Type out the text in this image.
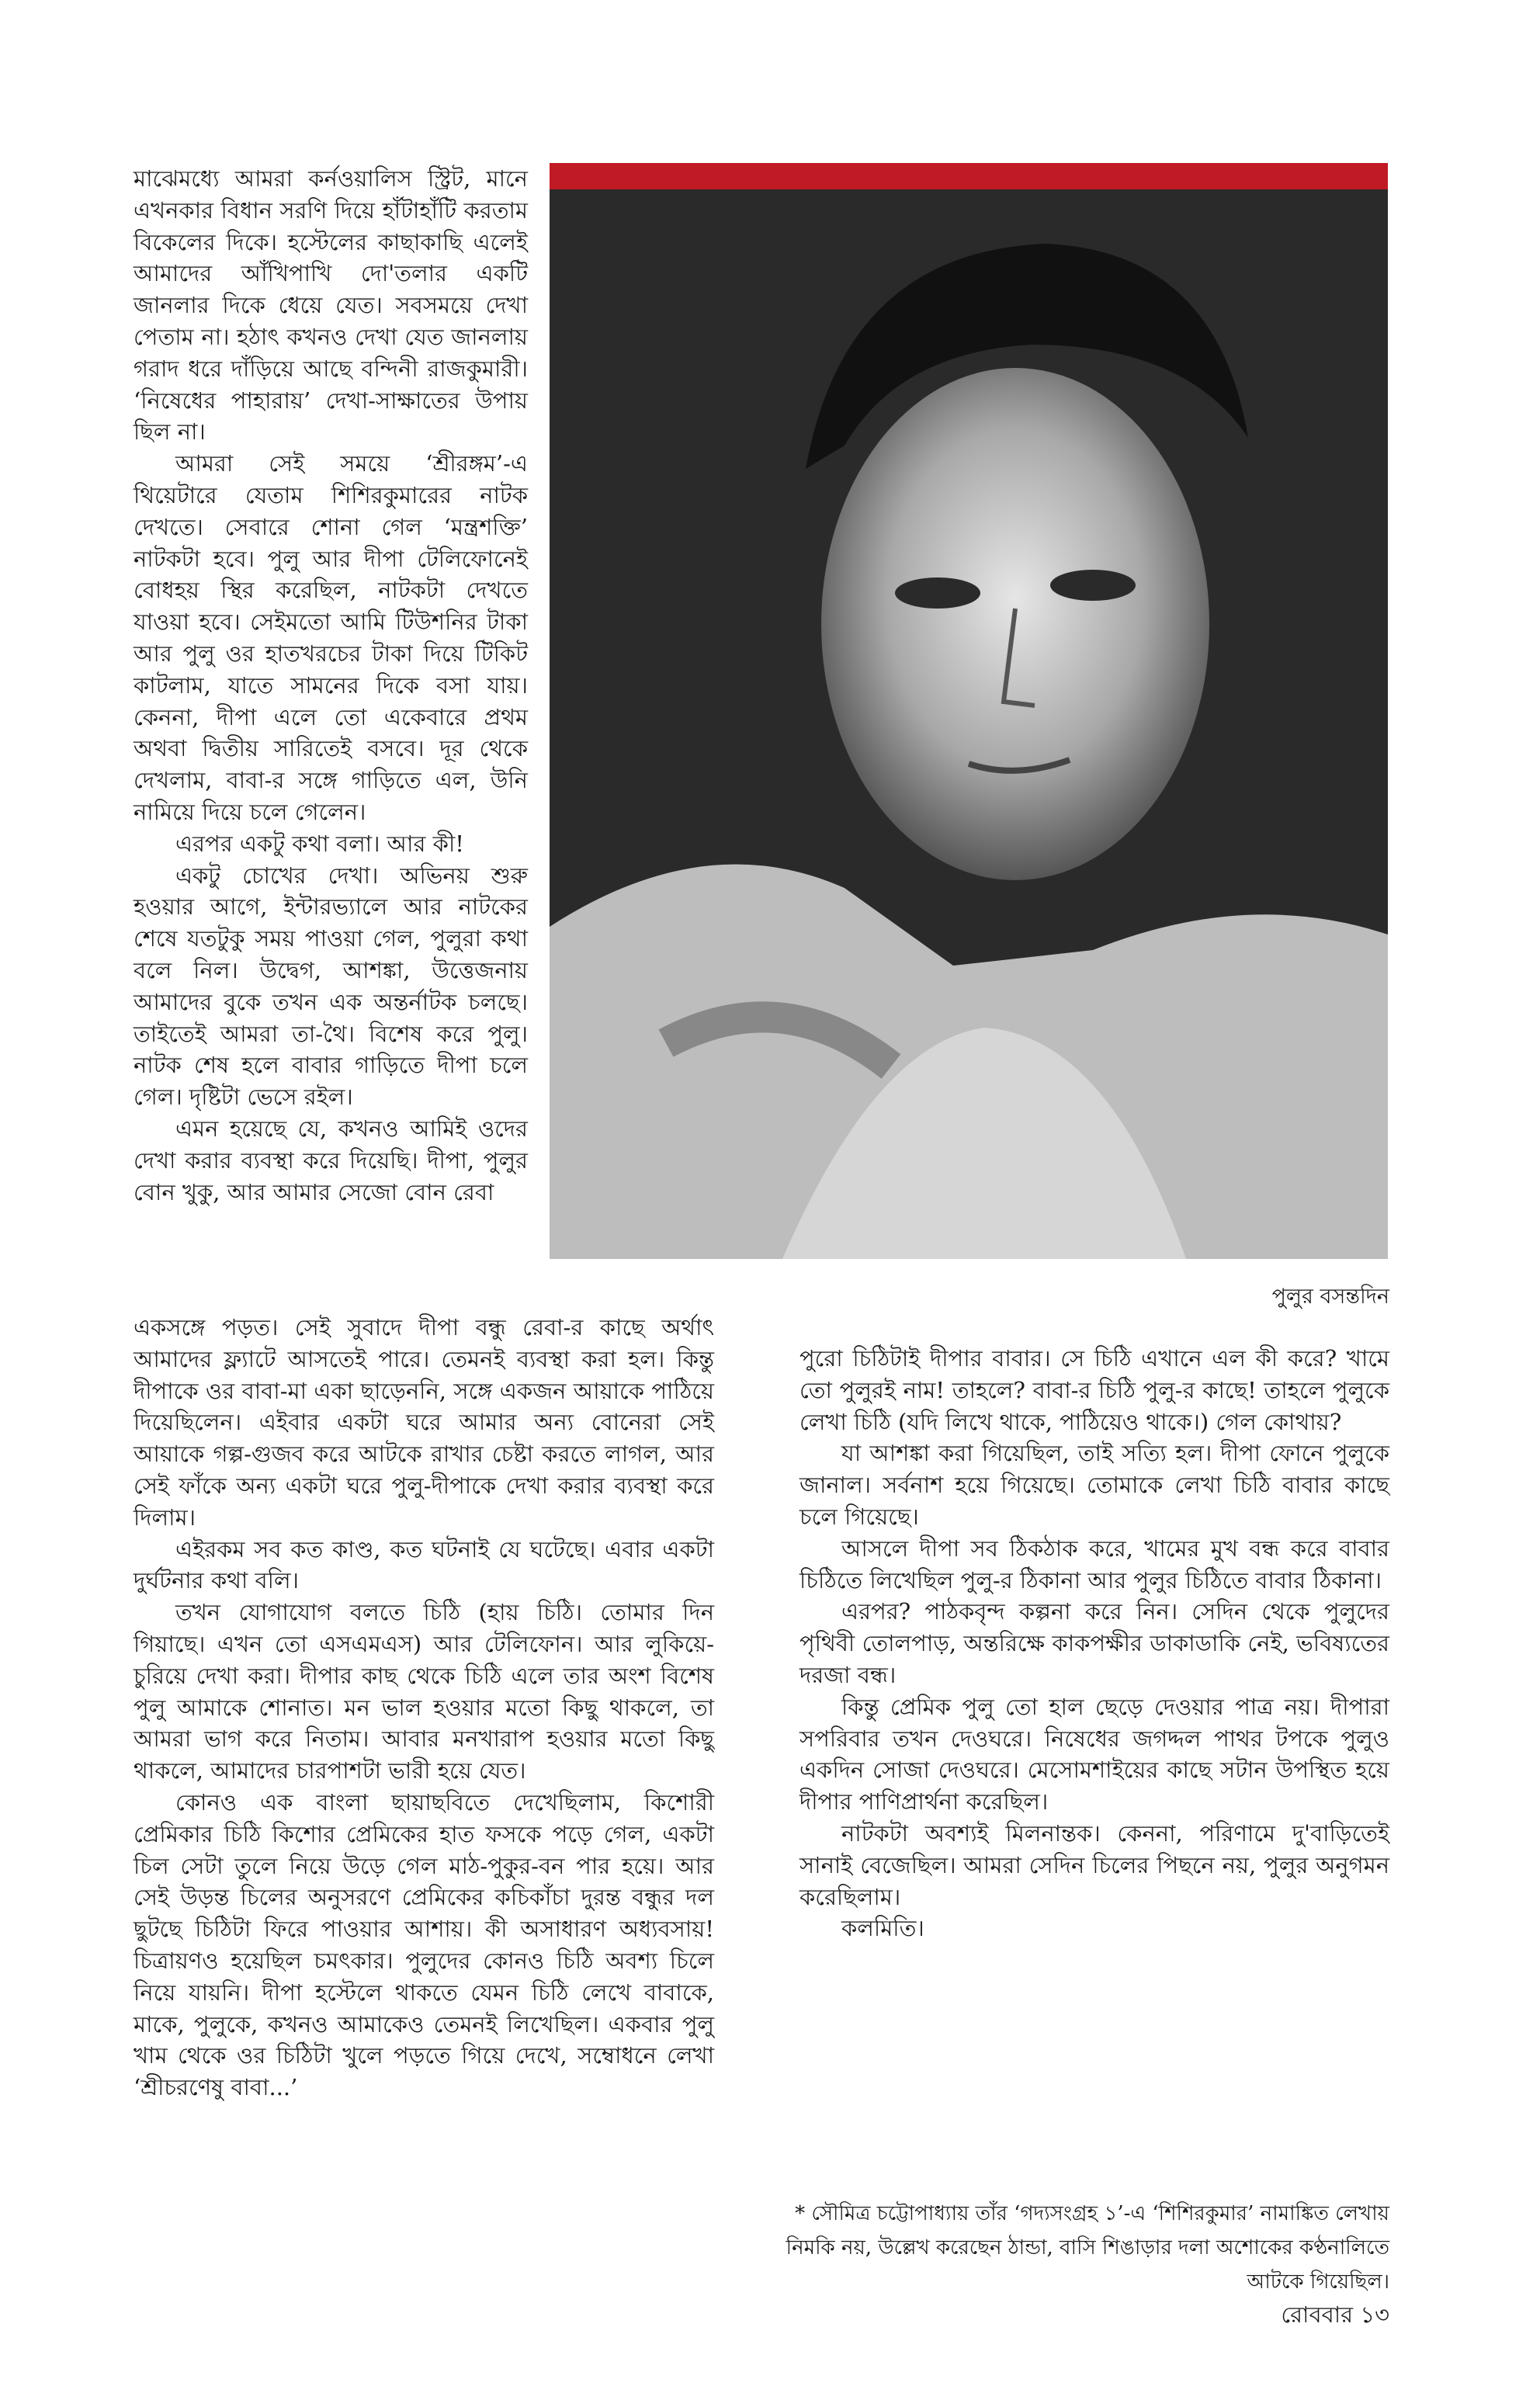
মাঝেমধ্যে আমরা কর্নওয়ালিস স্ট্রিট, মানে এখনকার বিধান সরণি দিয়ে হাঁটাহাঁটি করতাম বিকেলের দিকে। হস্টেলের কাছাকাছি এলেই আমাদের আঁখিপাখি দো'তলার একটি জানলার দিকে ধেয়ে যেত। সবসময়ে দেখা পেতাম না। হঠাৎ কখনও দেখা যেত জানলায় গরাদ ধরে দাঁড়িয়ে আছে বন্দিনী রাজকুমারী। ‘নিষেধের পাহারায়’ দেখা-সাক্ষাতের উপায় ছিল না।

আমরা সেই সময়ে ‘শ্রীরঙ্গম’-এ থিয়েটারে যেতাম শিশিরকুমারের নাটক দেখতে। সেবারে শোনা গেল ‘মন্ত্রশক্তি’ নাটকটা হবে। পুলু আর দীপা টেলিফোনেই বোধহয় স্থির করেছিল, নাটকটা দেখতে যাওয়া হবে। সেইমতো আমি টিউশনির টাকা আর পুলু ওর হাতখরচের টাকা দিয়ে টিকিট কাটলাম, যাতে সামনের দিকে বসা যায়। কেননা, দীপা এলে তো একেবারে প্রথম অথবা দ্বিতীয় সারিতেই বসবে। দূর থেকে দেখলাম, বাবা-র সঙ্গে গাড়িতে এল, উনি নামিয়ে দিয়ে চলে গেলেন।

এরপর একটু কথা বলা। আর কী!

একটু চোখের দেখা। অভিনয় শুরু হওয়ার আগে, ইন্টারভ্যালে আর নাটকের শেষে যতটুকু সময় পাওয়া গেল, পুলুরা কথা বলে নিল। উদ্বেগ, আশঙ্কা, উত্তেজনায় আমাদের বুকে তখন এক অন্তর্নাটক চলছে। তাইতেই আমরা তা-থৈ। বিশেষ করে পুলু। নাটক শেষ হলে বাবার গাড়িতে দীপা চলে গেল। দৃষ্টিটা ভেসে রইল।

এমন হয়েছে যে, কখনও আমিই ওদের দেখা করার ব্যবস্থা করে দিয়েছি। দীপা, পুলুর বোন খুকু, আর আমার সেজো বোন রেবা

পুলুর বসন্তদিন

একসঙ্গে পড়ত। সেই সুবাদে দীপা বন্ধু রেবা-র কাছে অর্থাৎ আমাদের ফ্ল্যাটে আসতেই পারে। তেমনই ব্যবস্থা করা হল। কিন্তু দীপাকে ওর বাবা-মা একা ছাড়েননি, সঙ্গে একজন আয়াকে পাঠিয়ে দিয়েছিলেন। এইবার একটা ঘরে আমার অন্য বোনেরা সেই আয়াকে গল্প-গুজব করে আটকে রাখার চেষ্টা করতে লাগল, আর সেই ফাঁকে অন্য একটা ঘরে পুলু-দীপাকে দেখা করার ব্যবস্থা করে দিলাম।

এইরকম সব কত কাণ্ড, কত ঘটনাই যে ঘটেছে। এবার একটা দুর্ঘটনার কথা বলি।

তখন যোগাযোগ বলতে চিঠি (হায় চিঠি। তোমার দিন গিয়াছে। এখন তো এসএমএস) আর টেলিফোন। আর লুকিয়ে-চুরিয়ে দেখা করা। দীপার কাছ থেকে চিঠি এলে তার অংশ বিশেষ পুলু আমাকে শোনাত। মন ভাল হওয়ার মতো কিছু থাকলে, তা আমরা ভাগ করে নিতাম। আবার মনখারাপ হওয়ার মতো কিছু থাকলে, আমাদের চারপাশটা ভারী হয়ে যেত।

কোনও এক বাংলা ছায়াছবিতে দেখেছিলাম, কিশোরী প্রেমিকার চিঠি কিশোর প্রেমিকের হাত ফসকে পড়ে গেল, একটা চিল সেটা তুলে নিয়ে উড়ে গেল মাঠ-পুকুর-বন পার হয়ে। আর সেই উড়ন্ত চিলের অনুসরণে প্রেমিকের কচিকাঁচা দুরন্ত বন্ধুর দল ছুটছে চিঠিটা ফিরে পাওয়ার আশায়। কী অসাধারণ অধ্যবসায়! চিত্রায়ণও হয়েছিল চমৎকার। পুলুদের কোনও চিঠি অবশ্য চিলে নিয়ে যায়নি। দীপা হস্টেলে থাকতে যেমন চিঠি লেখে বাবাকে, মাকে, পুলুকে, কখনও আমাকেও তেমনই লিখেছিল। একবার পুলু খাম থেকে ওর চিঠিটা খুলে পড়তে গিয়ে দেখে, সম্বোধনে লেখা ‘শ্রীচরণেষু বাবা...’

পুরো চিঠিটাই দীপার বাবার। সে চিঠি এখানে এল কী করে? খামে তো পুলুরই নাম! তাহলে? বাবা-র চিঠি পুলু-র কাছে! তাহলে পুলুকে লেখা চিঠি (যদি লিখে থাকে, পাঠিয়েও থাকে।) গেল কোথায়?

যা আশঙ্কা করা গিয়েছিল, তাই সত্যি হল। দীপা ফোনে পুলুকে জানাল। সর্বনাশ হয়ে গিয়েছে। তোমাকে লেখা চিঠি বাবার কাছে চলে গিয়েছে।

আসলে দীপা সব ঠিকঠাক করে, খামের মুখ বন্ধ করে বাবার চিঠিতে লিখেছিল পুলু-র ঠিকানা আর পুলুর চিঠিতে বাবার ঠিকানা।

এরপর? পাঠকবৃন্দ কল্পনা করে নিন। সেদিন থেকে পুলুদের পৃথিবী তোলপাড়, অন্তরিক্ষে কাকপক্ষীর ডাকাডাকি নেই, ভবিষ্যতের দরজা বন্ধ।

কিন্তু প্রেমিক পুলু তো হাল ছেড়ে দেওয়ার পাত্র নয়। দীপারা সপরিবার তখন দেওঘরে। নিষেধের জগদ্দল পাথর টপকে পুলুও একদিন সোজা দেওঘরে। মেসোমশাইয়ের কাছে সটান উপস্থিত হয়ে দীপার পাণিপ্রার্থনা করেছিল।

নাটকটা অবশ্যই মিলনান্তক। কেননা, পরিণামে দু'বাড়িতেই সানাই বেজেছিল। আমরা সেদিন চিলের পিছনে নয়, পুলুর অনুগমন করেছিলাম।

কলমিতি।

* সৌমিত্র চট্টোপাধ্যায় তাঁর ‘গদ্যসংগ্রহ ১’-এ ‘শিশিরকুমার’ নামাঙ্কিত লেখায় নিমকি নয়, উল্লেখ করেছেন ঠান্ডা, বাসি শিঙাড়ার দলা অশোকের কণ্ঠনালিতে আটকে গিয়েছিল।
রোববার ১৩
